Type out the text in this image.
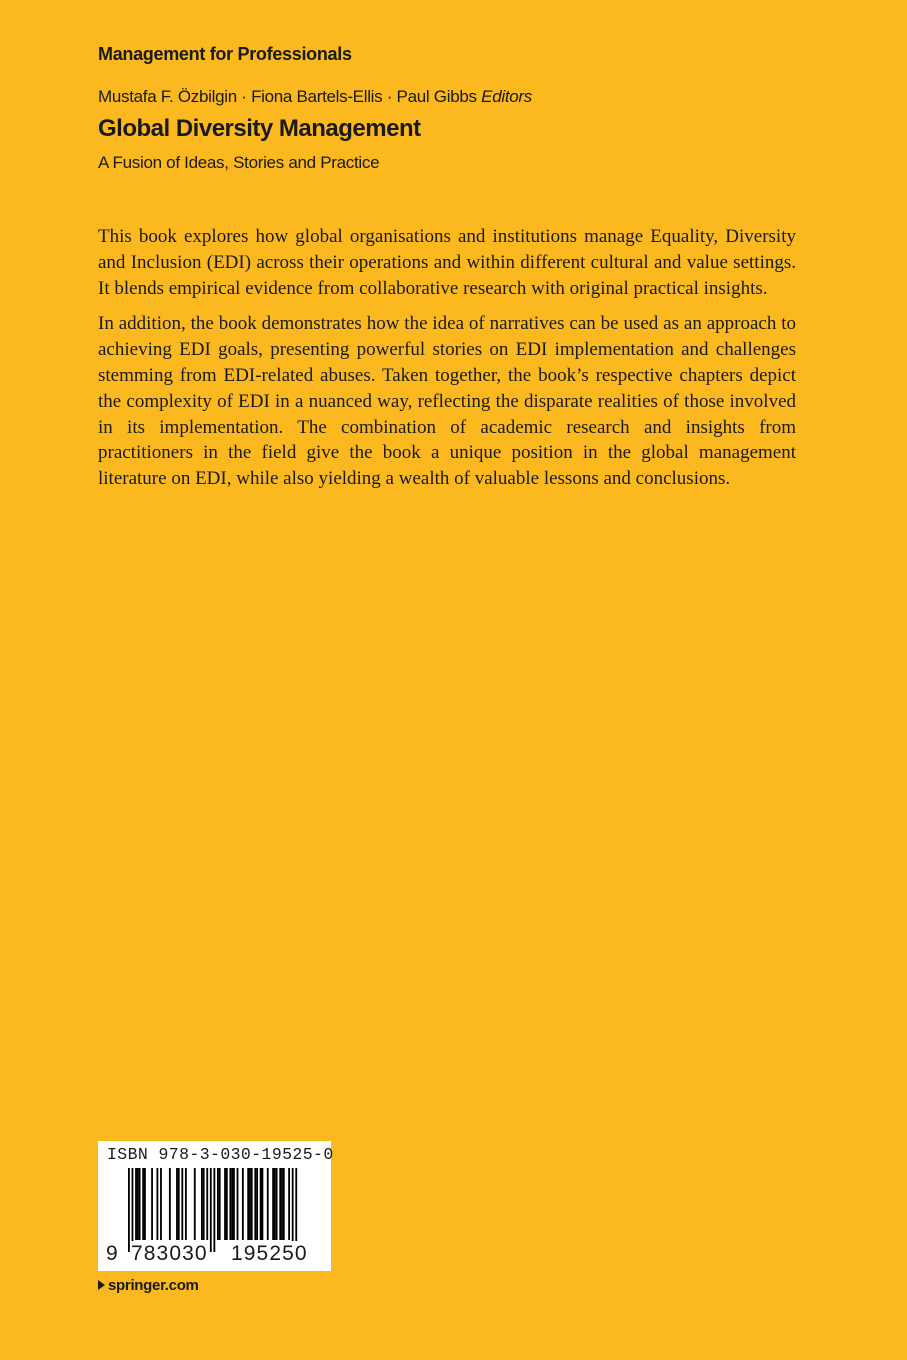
Management for Professionals
Mustafa F. Özbilgin · Fiona Bartels-Ellis · Paul Gibbs Editors
Global Diversity Management
A Fusion of Ideas, Stories and Practice

This book explores how global organisations and institutions manage Equality, Diversity and Inclusion (EDI) across their operations and within different cultural and value settings. It blends empirical evidence from collaborative research with original practical insights.

In addition, the book demonstrates how the idea of narratives can be used as an approach to achieving EDI goals, presenting powerful stories on EDI implementation and challenges stemming from EDI-related abuses. Taken together, the book’s respective chapters depict the complexity of EDI in a nuanced way, reflecting the disparate realities of those involved in its implementation. The combination of academic research and insights from practitioners in the field give the book a unique position in the global management literature on EDI, while also yielding a wealth of valuable lessons and conclusions.

ISBN 978-3-030-19525-0
9 783030 195250
springer.com
